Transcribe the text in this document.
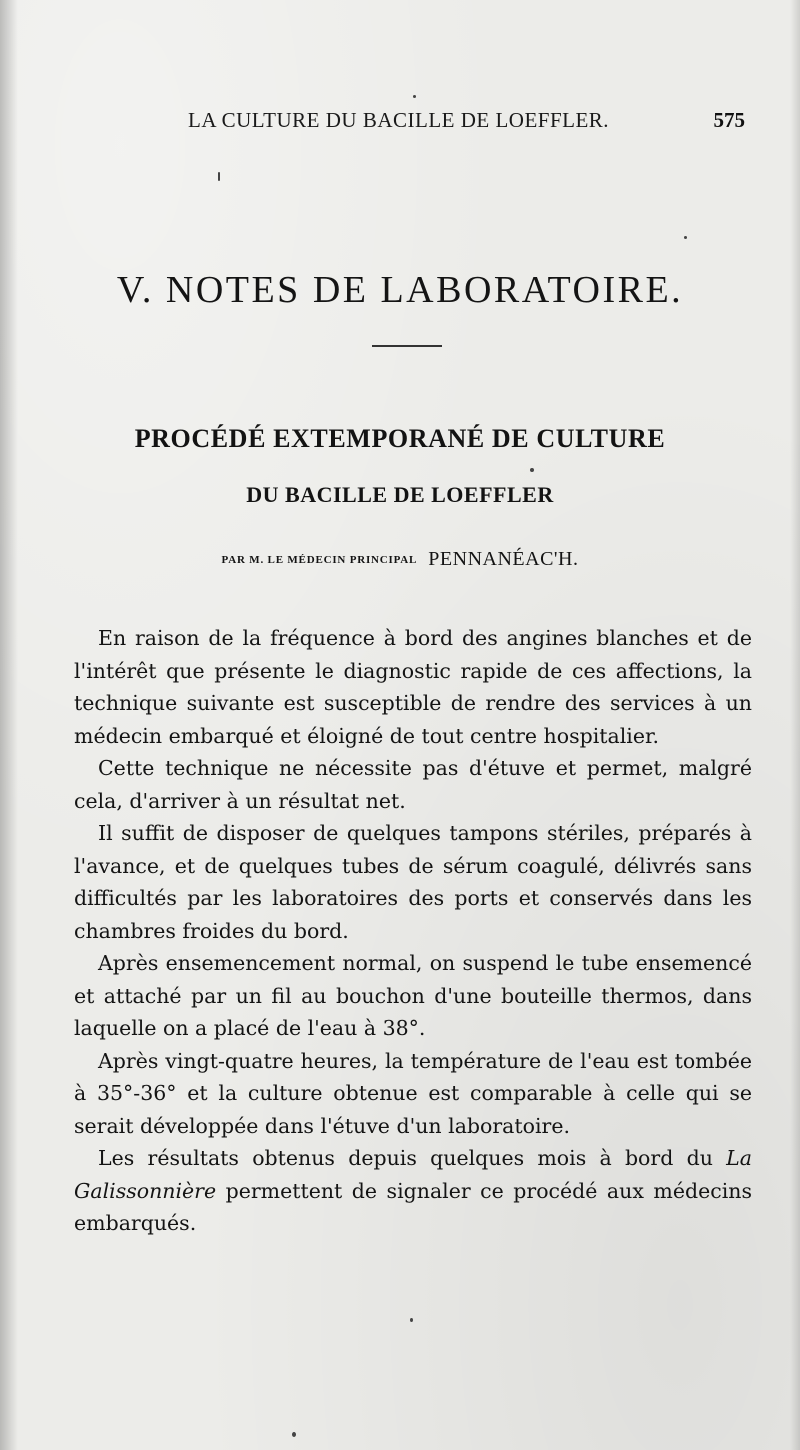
LA CULTURE DU BACILLE DE LOEFFLER.	575
V. NOTES DE LABORATOIRE.
PROCÉDÉ EXTEMPORANÉ DE CULTURE
DU BACILLE DE LOEFFLER
PAR M. LE MÉDECIN PRINCIPAL PENNANÉAC'H.

En raison de la fréquence à bord des angines blanches et de l'intérêt que présente le diagnostic rapide de ces affections, la technique suivante est susceptible de rendre des services à un médecin embarqué et éloigné de tout centre hospitalier.

Cette technique ne nécessite pas d'étuve et permet, malgré cela, d'arriver à un résultat net.

Il suffit de disposer de quelques tampons stériles, préparés à l'avance, et de quelques tubes de sérum coagulé, délivrés sans difficultés par les laboratoires des ports et conservés dans les chambres froides du bord.

Après ensemencement normal, on suspend le tube ensemencé et attaché par un fil au bouchon d'une bouteille thermos, dans laquelle on a placé de l'eau à 38°.

Après vingt-quatre heures, la température de l'eau est tombée à 35°-36° et la culture obtenue est comparable à celle qui se serait développée dans l'étuve d'un laboratoire.

Les résultats obtenus depuis quelques mois à bord du La Galissonnière permettent de signaler ce procédé aux médecins embarqués.
